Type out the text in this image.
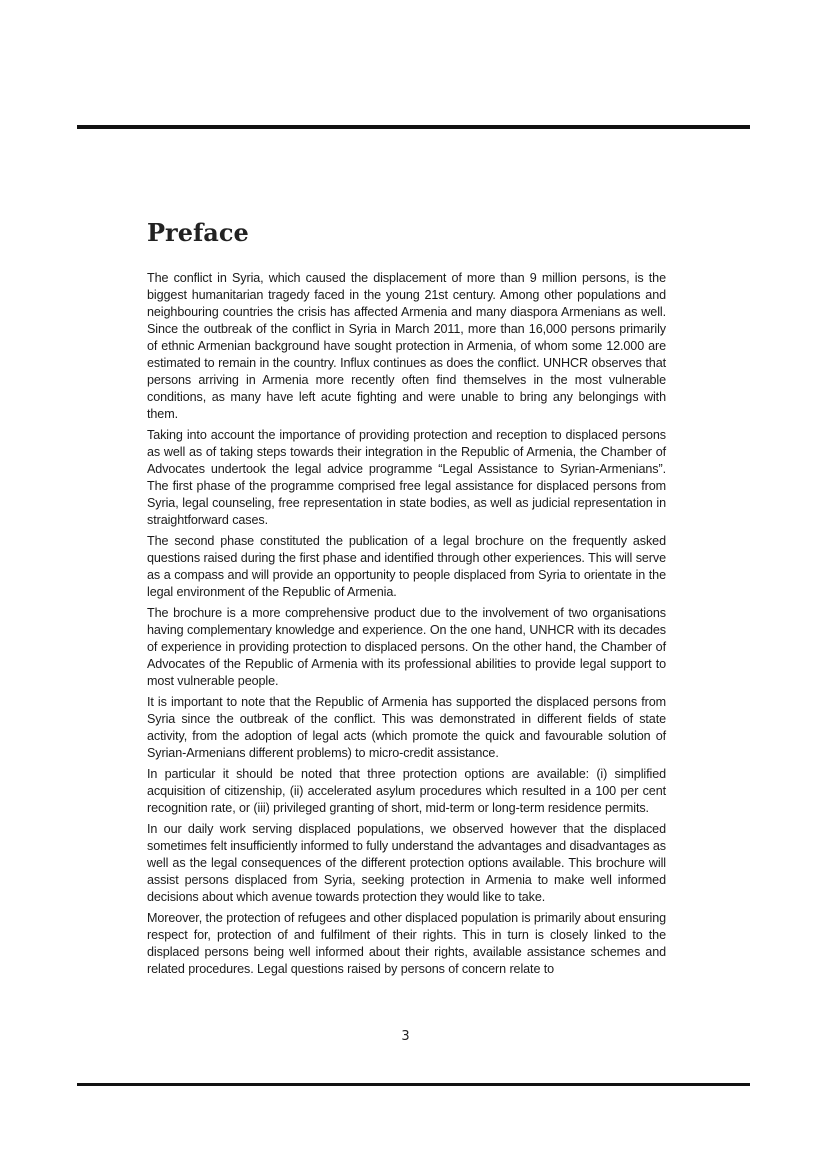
Preface

The conflict in Syria, which caused the displacement of more than 9 million persons, is the biggest humanitarian tragedy faced in the young 21st century. Among other populations and neighbouring countries the crisis has affected Armenia and many diaspora Armenians as well. Since the outbreak of the conflict in Syria in March 2011, more than 16,000 persons primarily of ethnic Armenian background have sought protection in Armenia, of whom some 12.000 are estimated to remain in the country. Influx continues as does the conflict. UNHCR observes that persons arriving in Armenia more recently often find themselves in the most vulnerable conditions, as many have left acute fighting and were unable to bring any belongings with them.

Taking into account the importance of providing protection and reception to displaced persons as well as of taking steps towards their integration in the Republic of Armenia, the Chamber of Advocates undertook the legal advice programme “Legal Assistance to Syrian-Armenians”. The first phase of the programme comprised free legal assistance for displaced persons from Syria, legal counseling, free representation in state bodies, as well as judicial representation in straightforward cases.

The second phase constituted the publication of a legal brochure on the frequently asked questions raised during the first phase and identified through other experiences. This will serve as a compass and will provide an opportunity to people displaced from Syria to orientate in the legal environment of the Republic of Armenia.

The brochure is a more comprehensive product due to the involvement of two organisations having complementary knowledge and experience. On the one hand, UNHCR with its decades of experience in providing protection to displaced persons. On the other hand, the Chamber of Advocates of the Republic of Armenia with its professional abilities to provide legal support to most vulnerable people.

It is important to note that the Republic of Armenia has supported the displaced persons from Syria since the outbreak of the conflict. This was demonstrated in different fields of state activity, from the adoption of legal acts (which promote the quick and favourable solution of Syrian-Armenians different problems) to micro-credit assistance.

In particular it should be noted that three protection options are available: (i) simplified acquisition of citizenship, (ii) accelerated asylum procedures which resulted in a 100 per cent recognition rate, or (iii) privileged granting of short, mid-term or long-term residence permits.

In our daily work serving displaced populations, we observed however that the displaced sometimes felt insufficiently informed to fully understand the advantages and disadvantages as well as the legal consequences of the different protection options available. This brochure will assist persons displaced from Syria, seeking protection in Armenia to make well informed decisions about which avenue towards protection they would like to take.

Moreover, the protection of refugees and other displaced population is primarily about ensuring respect for, protection of and fulfilment of their rights. This in turn is closely linked to the displaced persons being well informed about their rights, available assistance schemes and related procedures. Legal questions raised by persons of concern relate to

3
